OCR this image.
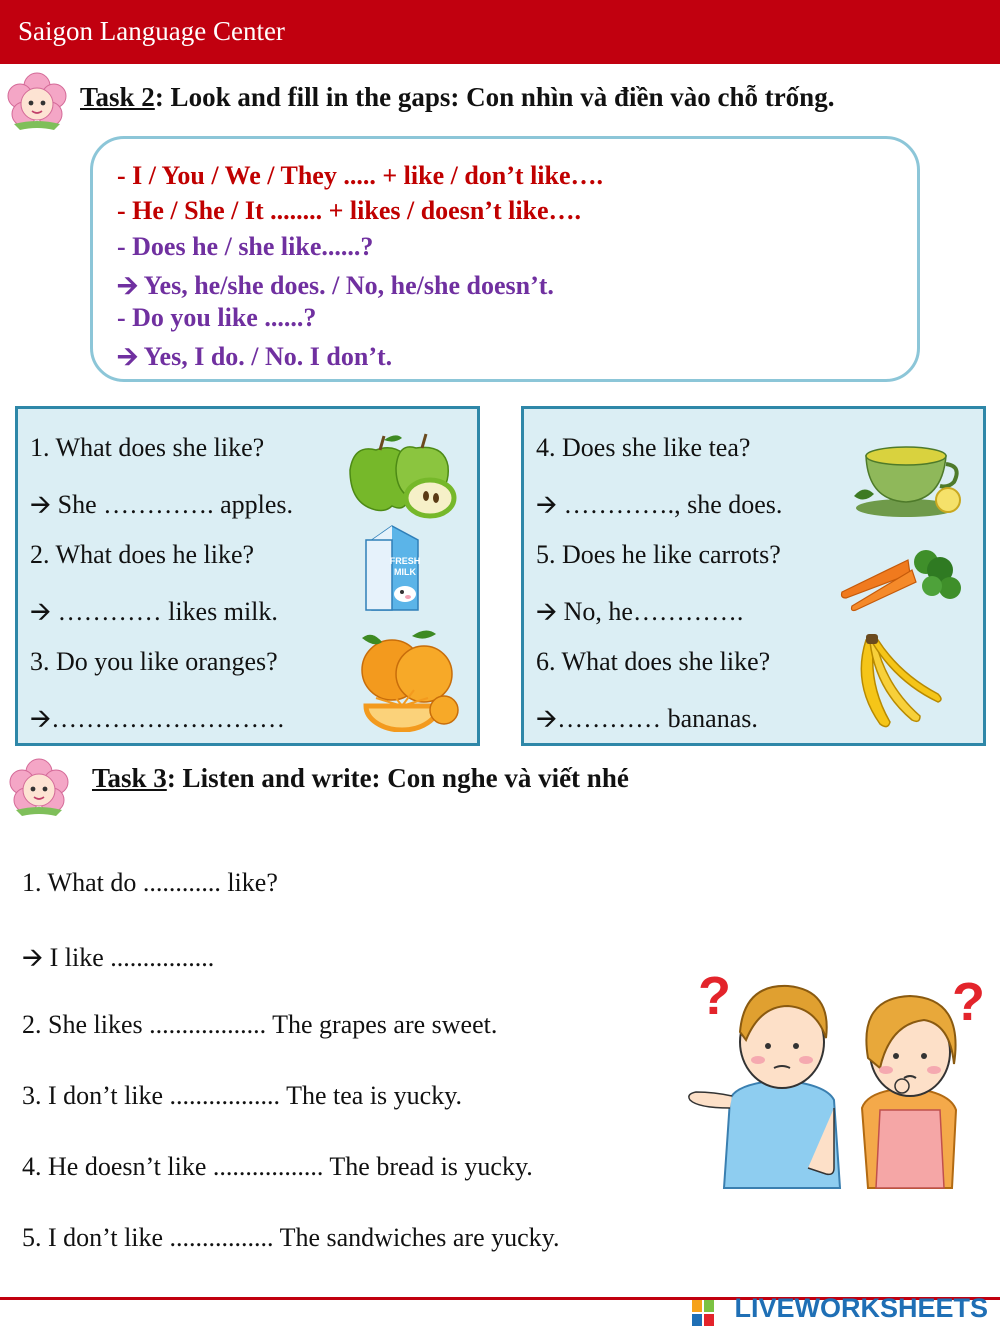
Saigon Language Center
Task 2: Look and fill in the gaps: Con nhìn và điền vào chỗ trống.
- I / You / We / They ..... + like / don’t like….
- He / She / It ........ + likes / doesn’t like….
- Does he / she like......?
🡪 Yes, he/she does. / No, he/she doesn’t.
- Do you like ......?
🡪 Yes, I do. / No. I don’t.
1. What does she like?
🡪 She …………. apples.
2. What does he like?
🡪 ………… likes milk.
3. Do you like oranges?
🡪………………………
FRESH
MILK
4. Does she like tea?
🡪 …………., she does.
5. Does he like carrots?
🡪 No, he………….
6. What does she like?
🡪………… bananas.
Task 3: Listen and write: Con nghe và viết nhé
1. What do ............ like?
🡪 I like ................
2. She likes .................. The grapes are sweet.
3. I don’t like ................. The tea is yucky.
4. He doesn’t like ................. The bread is yucky.
5. I don’t like ................ The sandwiches are yucky.
?	?
LIVEWORKSHEETS
